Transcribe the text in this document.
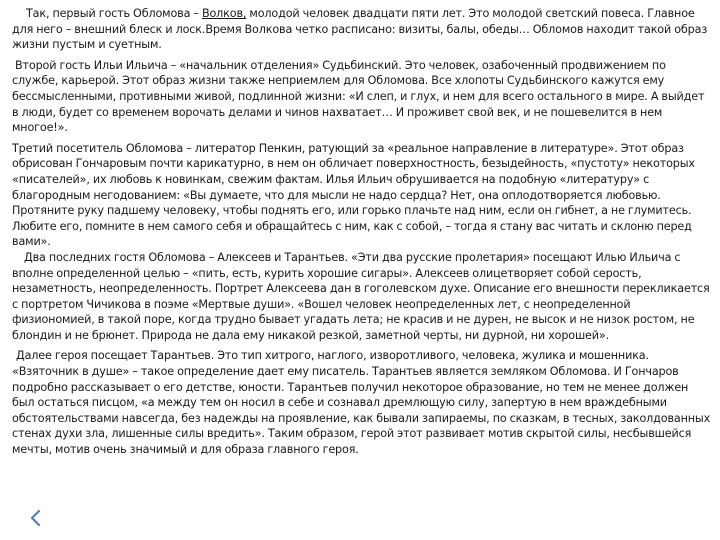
Так, первый гость Обломова – Волков, молодой человек двадцати пяти лет. Это молодой светский повеса. Главное для него – внешний блеск и лоск.Время Волкова четко расписано: визиты, балы, обеды… Обломов находит такой образ жизни пустым и суетным.

Второй гость Ильи Ильича – «начальник отделения» Судьбинский. Это человек, озабоченный продвижением по службе, карьерой. Этот образ жизни также неприемлем для Обломова. Все хлопоты Судьбинского кажутся ему бессмысленными, противными живой, подлинной жизни: «И слеп, и глух, и нем для всего остального в мире. А выйдет в люди, будет со временем ворочать делами и чинов нахватает… И проживет свой век, и не пошевелится в нем многое!».

Третий посетитель Обломова – литератор Пенкин, ратующий за «реальное направление в литературе». Этот образ обрисован Гончаровым почти карикатурно, в нем он обличает поверхностность, безыдейность, «пустоту» некоторых «писателей», их любовь к новинкам, свежим фактам. Илья Ильич обрушивается на подобную «литературу» с благородным негодованием: «Вы думаете, что для мысли не надо сердца? Нет, она оплодотворяется любовью. Протяните руку падшему человеку, чтобы поднять его, или горько плачьте над ним, если он гибнет, а не глумитесь. Любите его, помните в нем самого себя и обращайтесь с ним, как с собой, – тогда я стану вас читать и склоню перед вами».

Два последних гостя Обломова – Алексеев и Тарантьев. «Эти два русские пролетария» посещают Илью Ильича с вполне определенной целью – «пить, есть, курить хорошие сигары». Алексеев олицетворяет собой серость, незаметность, неопределенность. Портрет Алексеева дан в гоголевском духе. Описание его внешности перекликается с портретом Чичикова в поэме «Мертвые души». «Вошел человек неопределенных лет, с неопределенной физиономией, в такой поре, когда трудно бывает угадать лета; не красив и не дурен, не высок и не низок ростом, не блондин и не брюнет. Природа не дала ему никакой резкой, заметной черты, ни дурной, ни хорошей».

Далее героя посещает Тарантьев. Это тип хитрого, наглого, изворотливого, человека, жулика и мошенника. «Взяточник в душе» – такое определение дает ему писатель. Тарантьев является земляком Обломова. И Гончаров подробно рассказывает о его детстве, юности. Тарантьев получил некоторое образование, но тем не менее должен был остаться писцом, «а между тем он носил в себе и сознавал дремлющую силу, запертую в нем враждебными обстоятельствами навсегда, без надежды на проявление, как бывали запираемы, по сказкам, в тесных, заколдованных стенах духи зла, лишенные силы вредить». Таким образом, герой этот развивает мотив скрытой силы, несбывшейся мечты, мотив очень значимый и для образа главного героя.
